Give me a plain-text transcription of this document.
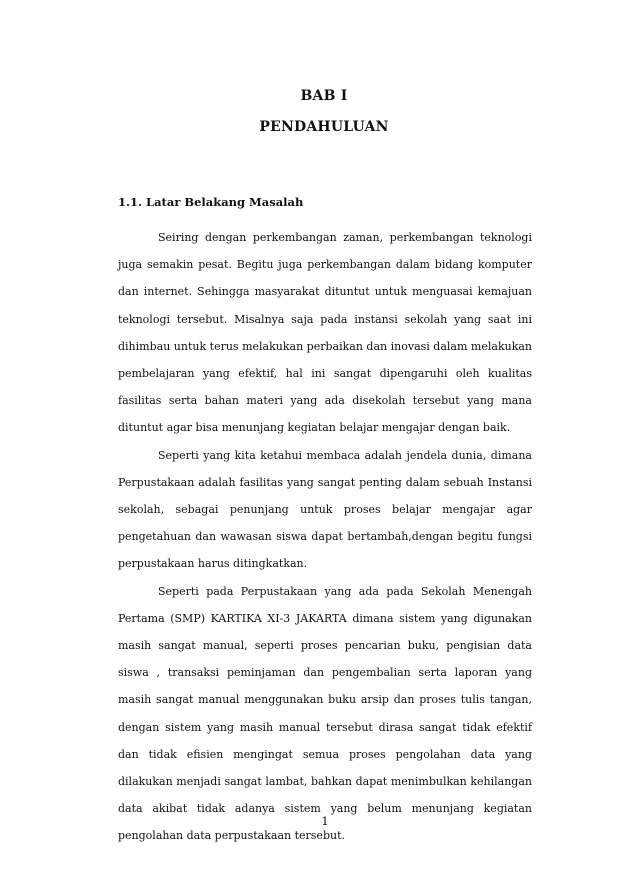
BAB I
PENDAHULUAN
1.1. Latar Belakang Masalah

Seiring dengan perkembangan zaman, perkembangan teknologi juga semakin pesat. Begitu juga perkembangan dalam bidang komputer dan internet. Sehingga masyarakat dituntut untuk menguasai kemajuan teknologi tersebut. Misalnya saja pada instansi sekolah yang saat ini dihimbau untuk terus melakukan perbaikan dan inovasi dalam melakukan pembelajaran yang efektif, hal ini sangat dipengaruhi oleh kualitas fasilitas serta bahan materi yang ada disekolah tersebut yang mana dituntut agar bisa menunjang kegiatan belajar mengajar dengan baik.

Seperti yang kita ketahui membaca adalah jendela dunia, dimana Perpustakaan adalah fasilitas yang sangat penting dalam sebuah Instansi sekolah, sebagai penunjang untuk proses belajar mengajar agar pengetahuan dan wawasan siswa dapat bertambah,dengan begitu fungsi perpustakaan harus ditingkatkan.

Seperti pada Perpustakaan yang ada pada Sekolah Menengah Pertama (SMP) KARTIKA XI-3 JAKARTA dimana sistem yang digunakan masih sangat manual, seperti proses pencarian buku, pengisian data siswa , transaksi peminjaman dan pengembalian serta laporan yang masih sangat manual menggunakan buku arsip dan proses tulis tangan, dengan sistem yang masih manual tersebut dirasa sangat tidak efektif dan tidak efisien mengingat semua proses pengolahan data yang dilakukan menjadi sangat lambat, bahkan dapat menimbulkan kehilangan data akibat tidak adanya sistem yang belum menunjang kegiatan pengolahan data perpustakaan tersebut.

1
